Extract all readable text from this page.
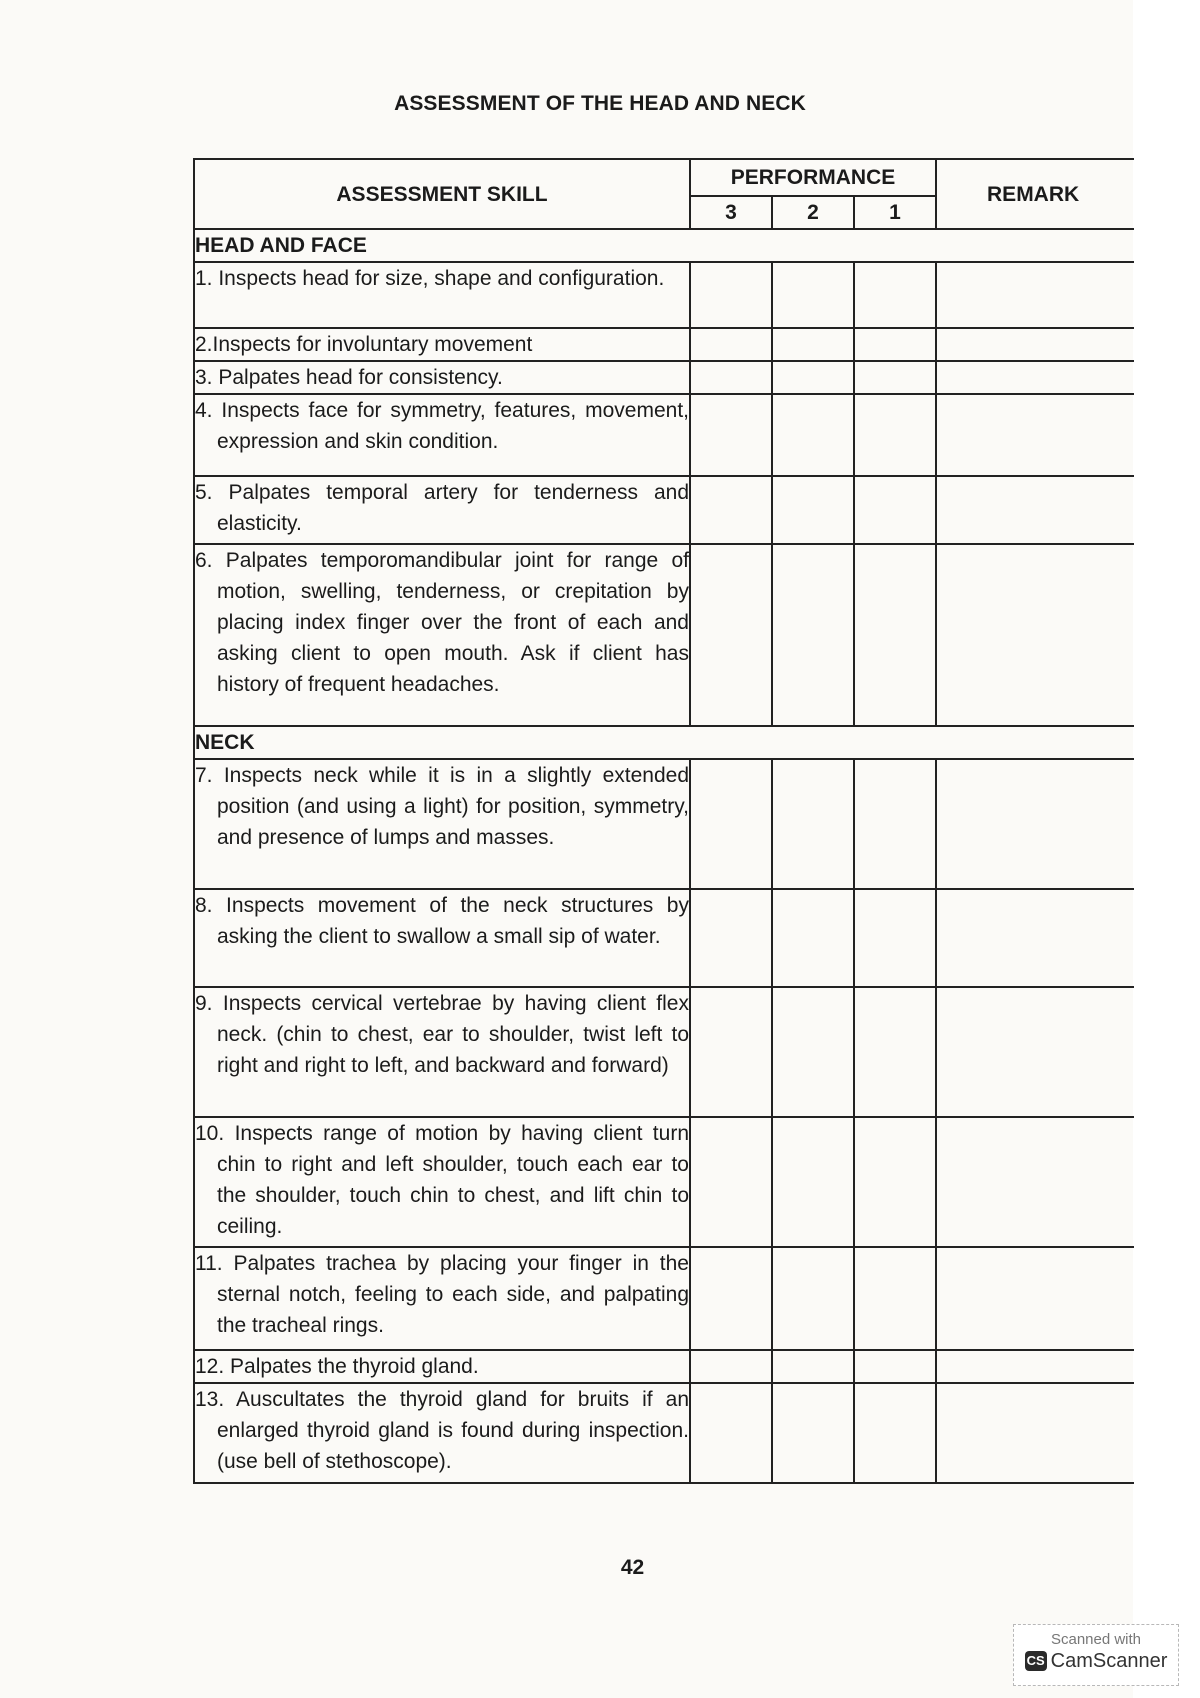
ASSESSMENT OF THE HEAD AND NECK
ASSESSMENT SKILL	PERFORMANCE			REMARK
	3	2	1	
HEAD AND FACE				

1. Inspects head for size, shape and configuration.				

2.Inspects for involuntary movement				

3. Palpates head for consistency.				

4. Inspects face for symmetry, features, movement, expression and skin condition.				

5. Palpates temporal artery for tenderness and elasticity.				

6. Palpates temporomandibular joint for range of motion, swelling, tenderness, or crepitation by placing index finger over the front of each and asking client to open mouth. Ask if client has history of frequent headaches.				

NECK				

7. Inspects neck while it is in a slightly extended position (and using a light) for position, symmetry, and presence of lumps and masses.				

8. Inspects movement of the neck structures by asking the client to swallow a small sip of water.				

9. Inspects cervical vertebrae by having client flex neck. (chin to chest, ear to shoulder, twist left to right and right to left, and backward and forward)				

10. Inspects range of motion by having client turn chin to right and left shoulder, touch each ear to the shoulder, touch chin to chest, and lift chin to ceiling.				

11. Palpates trachea by placing your finger in the sternal notch, feeling to each side, and palpating the tracheal rings.				

12. Palpates the thyroid gland.				

13. Auscultates the thyroid gland for bruits if an enlarged thyroid gland is found during inspection. (use bell of stethoscope).				

42
Scanned with
CS CamScanner
